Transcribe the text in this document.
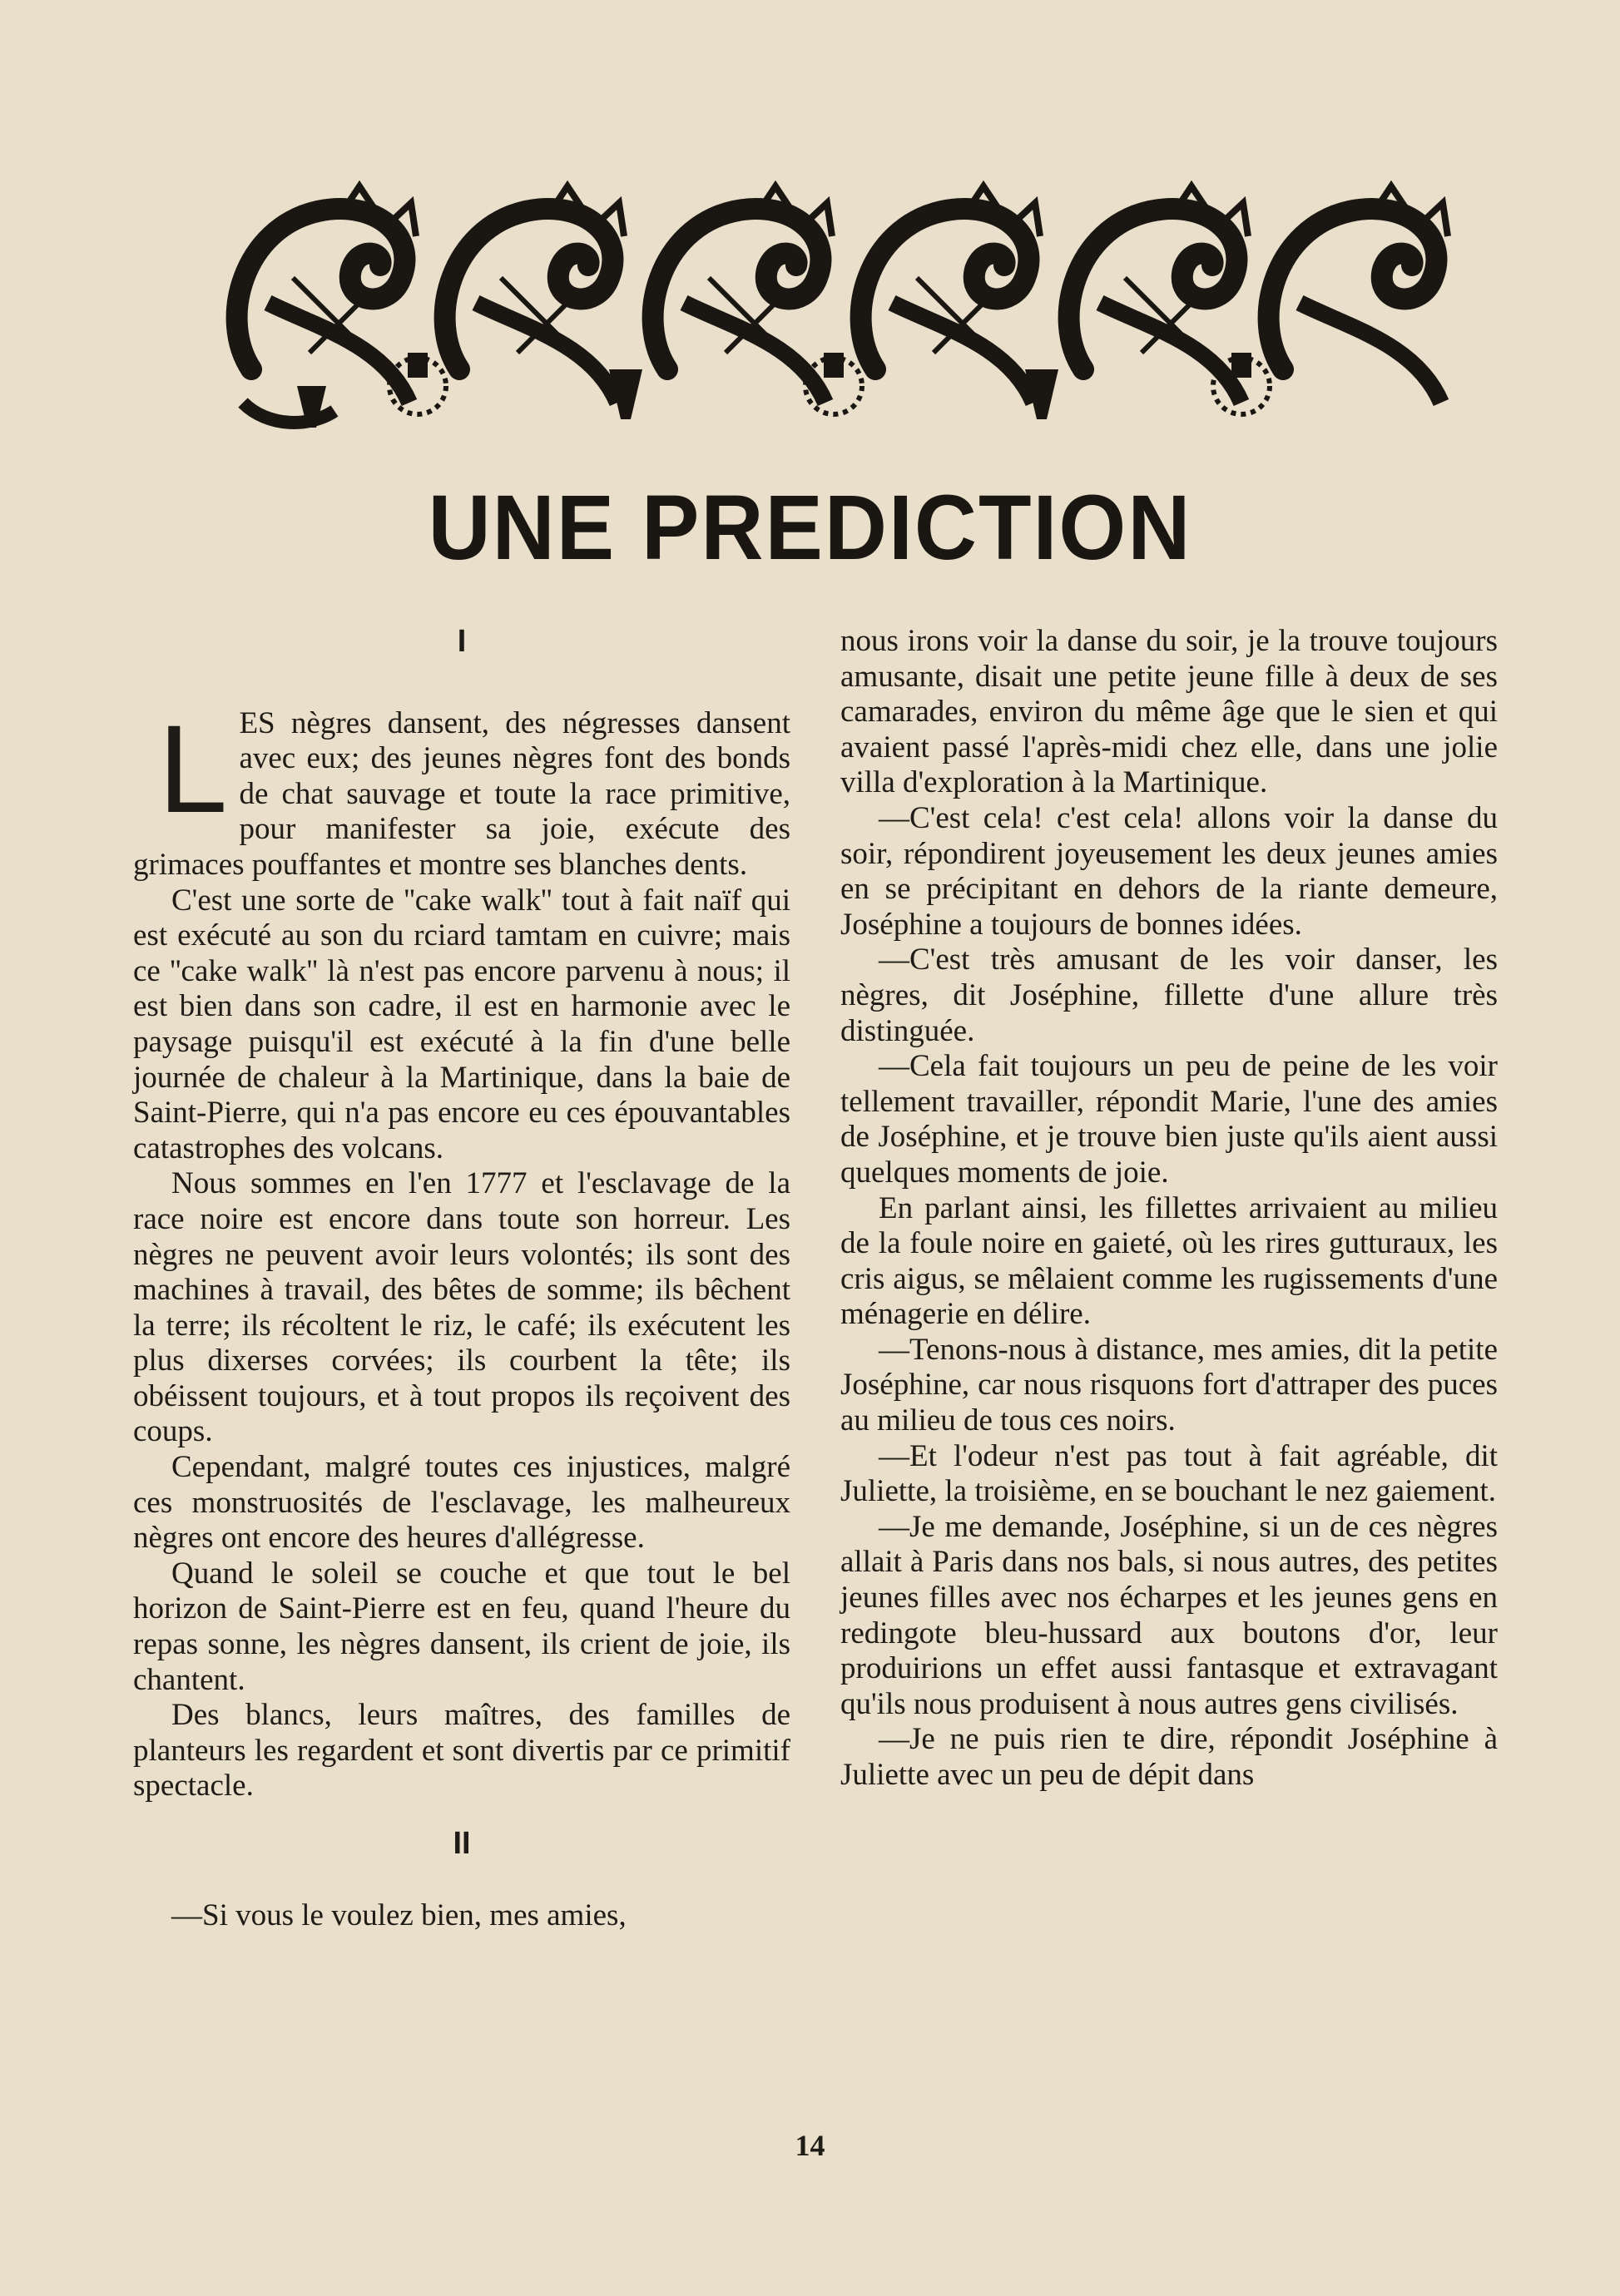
UNE PREDICTION
I

LES nègres dansent, des négresses dansent avec eux; des jeunes nègres font des bonds de chat sauvage et toute la race primitive, pour manifester sa joie, exécute des grimaces pouffantes et montre ses blanches dents.

C'est une sorte de ''cake walk'' tout à fait naïf qui est exécuté au son du rciard tamtam en cuivre; mais ce ''cake walk'' là n'est pas encore parvenu à nous; il est bien dans son cadre, il est en harmonie avec le paysage puisqu'il est exécuté à la fin d'une belle journée de chaleur à la Martinique, dans la baie de Saint-Pierre, qui n'a pas encore eu ces épouvantables catastrophes des volcans.

Nous sommes en l'en 1777 et l'esclavage de la race noire est encore dans toute son horreur. Les nègres ne peuvent avoir leurs volontés; ils sont des machines à travail, des bêtes de somme; ils bêchent la terre; ils récoltent le riz, le café; ils exécutent les plus dixerses corvées; ils courbent la tête; ils obéissent toujours, et à tout propos ils reçoivent des coups.

Cependant, malgré toutes ces injustices, malgré ces monstruosités de l'esclavage, les malheureux nègres ont encore des heures d'allégresse.

Quand le soleil se couche et que tout le bel horizon de Saint-Pierre est en feu, quand l'heure du repas sonne, les nègres dansent, ils crient de joie, ils chantent.

Des blancs, leurs maîtres, des familles de planteurs les regardent et sont divertis par ce primitif spectacle.

II

—Si vous le voulez bien, mes amies,

nous irons voir la danse du soir, je la trouve toujours amusante, disait une petite jeune fille à deux de ses camarades, environ du même âge que le sien et qui avaient passé l'après-midi chez elle, dans une jolie villa d'exploration à la Martinique.

—C'est cela! c'est cela! allons voir la danse du soir, répondirent joyeusement les deux jeunes amies en se précipitant en dehors de la riante demeure, Joséphine a toujours de bonnes idées.

—C'est très amusant de les voir danser, les nègres, dit Joséphine, fillette d'une allure très distinguée.

—Cela fait toujours un peu de peine de les voir tellement travailler, répondit Marie, l'une des amies de Joséphine, et je trouve bien juste qu'ils aient aussi quelques moments de joie.

En parlant ainsi, les fillettes arrivaient au milieu de la foule noire en gaieté, où les rires gutturaux, les cris aigus, se mêlaient comme les rugissements d'une ménagerie en délire.

—Tenons-nous à distance, mes amies, dit la petite Joséphine, car nous risquons fort d'attraper des puces au milieu de tous ces noirs.

—Et l'odeur n'est pas tout à fait agréable, dit Juliette, la troisième, en se bouchant le nez gaiement.

—Je me demande, Joséphine, si un de ces nègres allait à Paris dans nos bals, si nous autres, des petites jeunes filles avec nos écharpes et les jeunes gens en redingote bleu-hussard aux boutons d'or, leur produirions un effet aussi fantasque et extravagant qu'ils nous produisent à nous autres gens civilisés.

—Je ne puis rien te dire, répondit Joséphine à Juliette avec un peu de dépit dans

14
